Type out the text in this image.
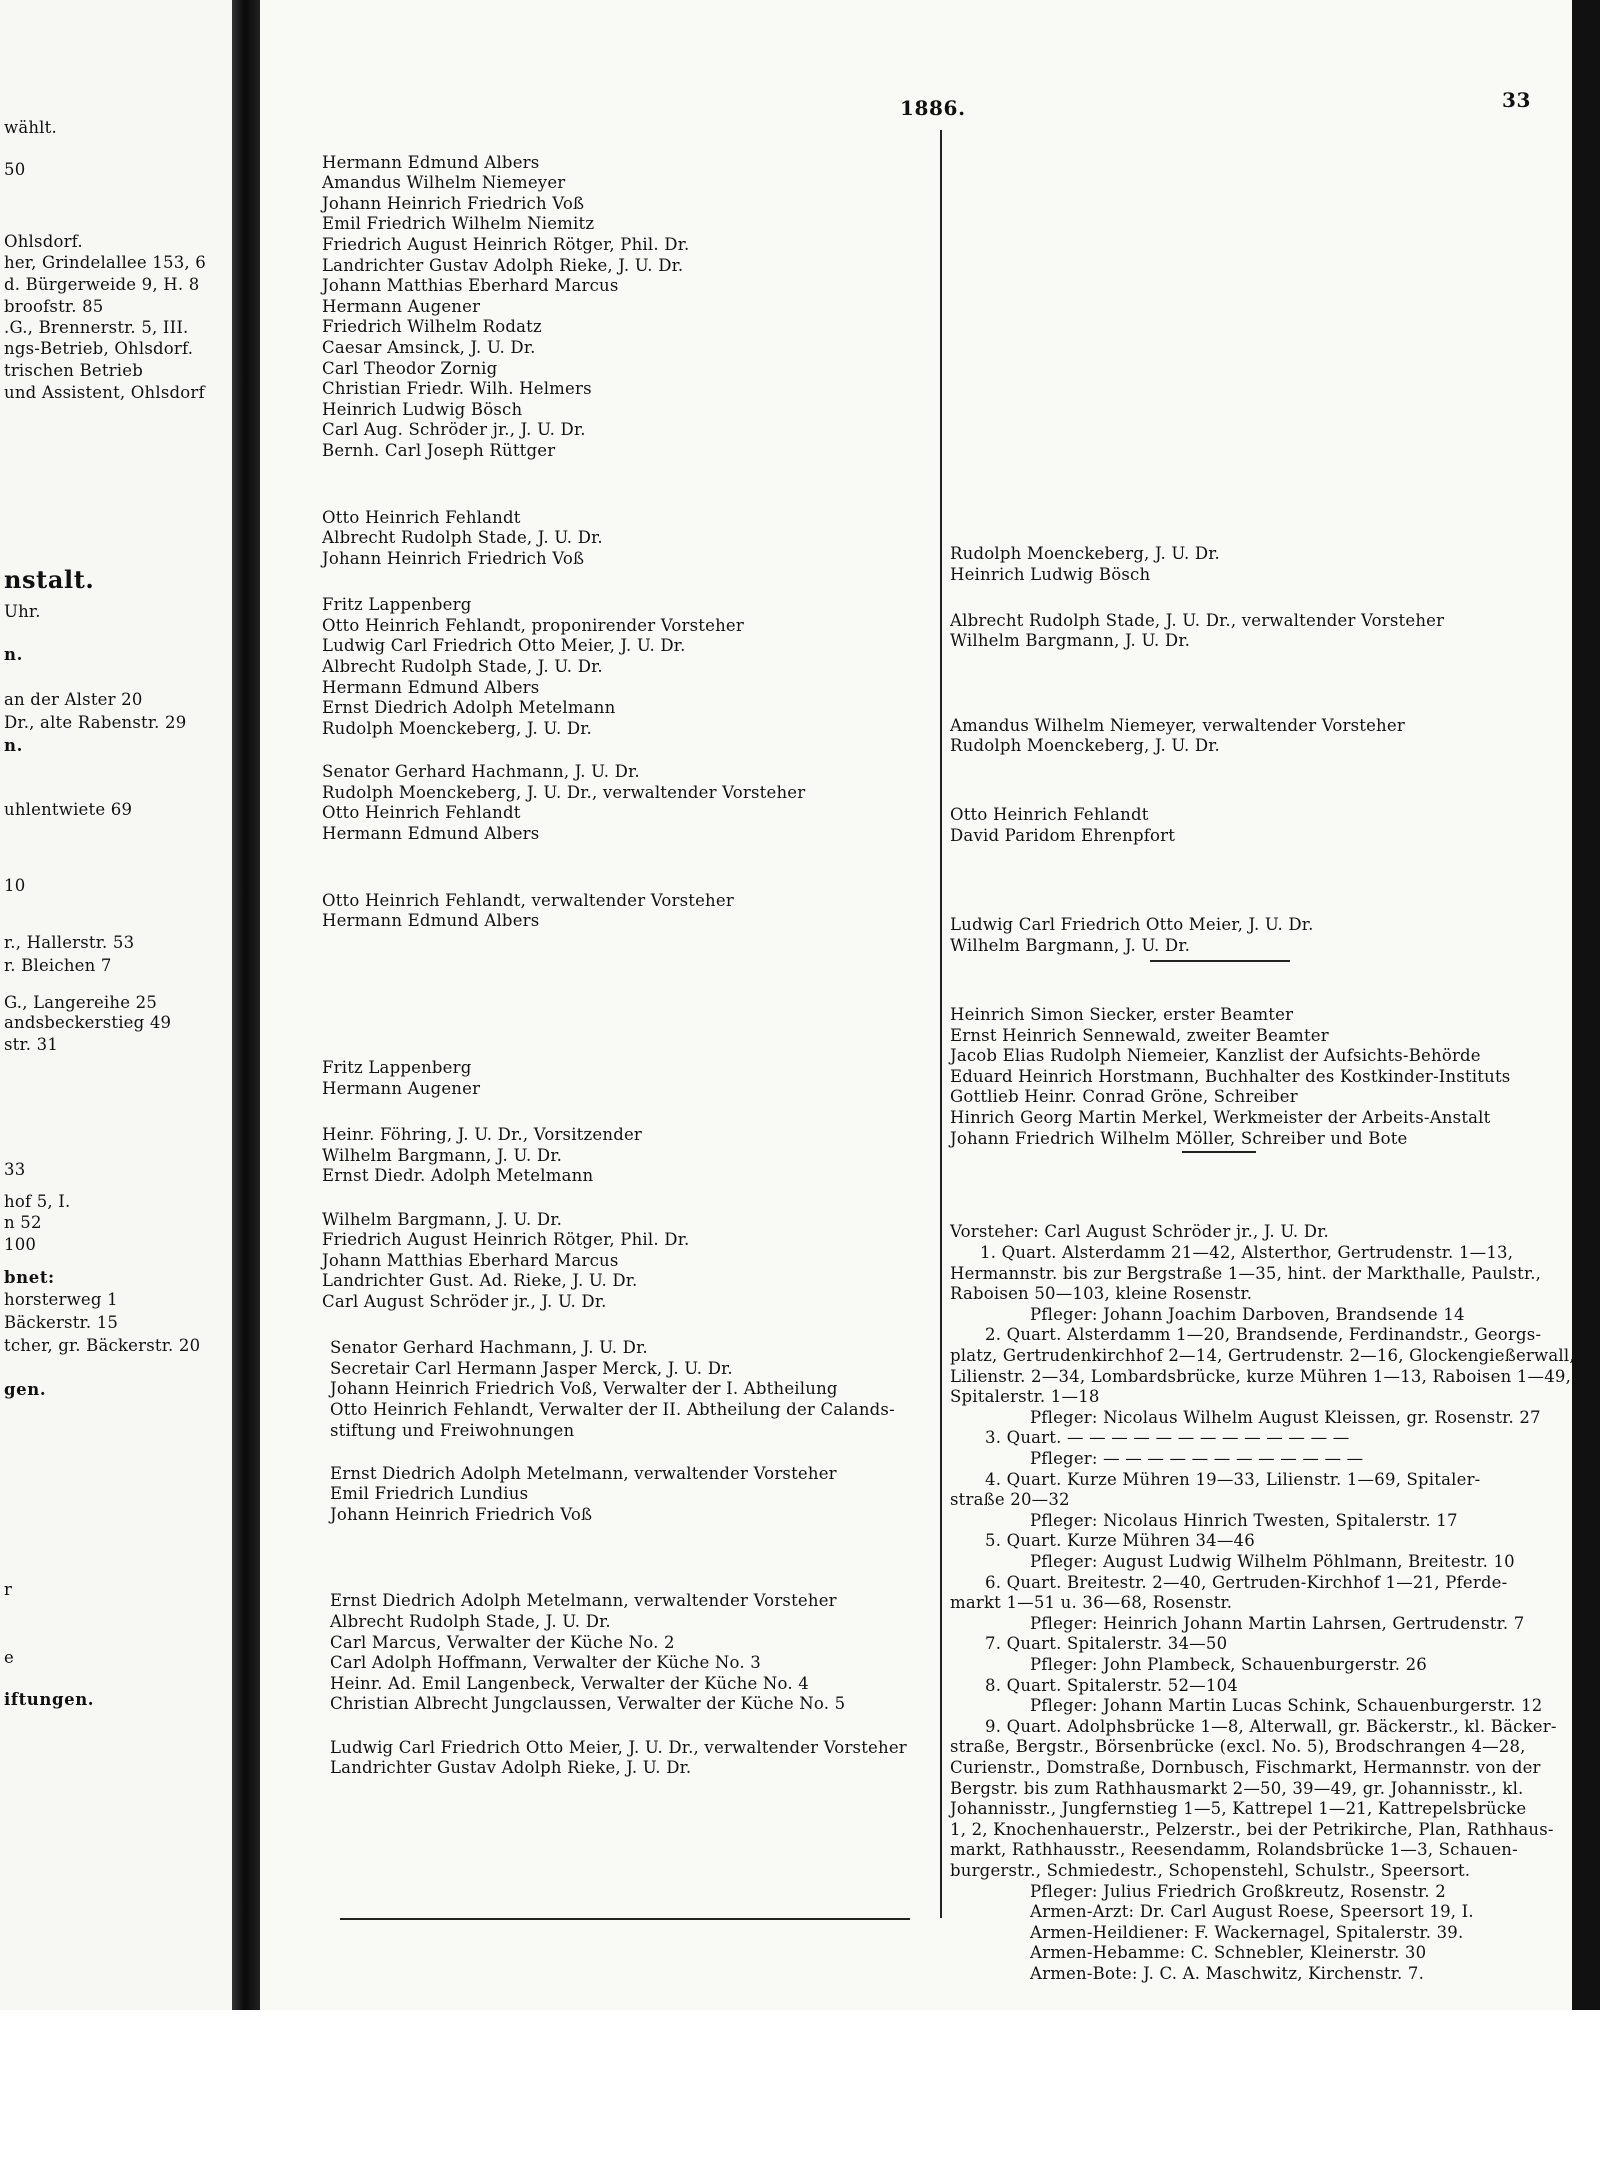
1886.	33
wählt.
50
Ohlsdorf.
her, Grindelallee 153, 6
d. Bürgerweide 9, H. 8
broofstr. 85
.G., Brennerstr. 5, III.
ngs-Betrieb, Ohlsdorf.
trischen Betrieb
und Assistent, Ohlsdorf
nstalt.
Uhr.
n.
an der Alster 20
Dr., alte Rabenstr. 29
n.
uhlentwiete 69
10
r., Hallerstr. 53
r. Bleichen 7
G., Langereihe 25
andsbeckerstieg 49
str. 31
33
hof 5, I.
n 52
100
bnet:
horsterweg 1
Bäckerstr. 15
tcher, gr. Bäckerstr. 20
gen.
r
e
iftungen.
Hermann Edmund Albers
Amandus Wilhelm Niemeyer
Johann Heinrich Friedrich Voß
Emil Friedrich Wilhelm Niemitz
Friedrich August Heinrich Rötger, Phil. Dr.
Landrichter Gustav Adolph Rieke, J. U. Dr.
Johann Matthias Eberhard Marcus
Hermann Augener
Friedrich Wilhelm Rodatz
Caesar Amsinck, J. U. Dr.
Carl Theodor Zornig
Christian Friedr. Wilh. Helmers
Heinrich Ludwig Bösch
Carl Aug. Schröder jr., J. U. Dr.
Bernh. Carl Joseph Rüttger
Otto Heinrich Fehlandt
Albrecht Rudolph Stade, J. U. Dr.
Johann Heinrich Friedrich Voß
Fritz Lappenberg
Otto Heinrich Fehlandt, proponirender Vorsteher
Ludwig Carl Friedrich Otto Meier, J. U. Dr.
Albrecht Rudolph Stade, J. U. Dr.
Hermann Edmund Albers
Ernst Diedrich Adolph Metelmann
Rudolph Moenckeberg, J. U. Dr.
Senator Gerhard Hachmann, J. U. Dr.
Rudolph Moenckeberg, J. U. Dr., verwaltender Vorsteher
Otto Heinrich Fehlandt
Hermann Edmund Albers
Otto Heinrich Fehlandt, verwaltender Vorsteher
Hermann Edmund Albers
Fritz Lappenberg
Hermann Augener
Heinr. Föhring, J. U. Dr., Vorsitzender
Wilhelm Bargmann, J. U. Dr.
Ernst Diedr. Adolph Metelmann
Wilhelm Bargmann, J. U. Dr.
Friedrich August Heinrich Rötger, Phil. Dr.
Johann Matthias Eberhard Marcus
Landrichter Gust. Ad. Rieke, J. U. Dr.
Carl August Schröder jr., J. U. Dr.
Senator Gerhard Hachmann, J. U. Dr.
Secretair Carl Hermann Jasper Merck, J. U. Dr.
Johann Heinrich Friedrich Voß, Verwalter der I. Abtheilung
Otto Heinrich Fehlandt, Verwalter der II. Abtheilung der Calands-
stiftung und Freiwohnungen
Ernst Diedrich Adolph Metelmann, verwaltender Vorsteher
Emil Friedrich Lundius
Johann Heinrich Friedrich Voß
Ernst Diedrich Adolph Metelmann, verwaltender Vorsteher
Albrecht Rudolph Stade, J. U. Dr.
Carl Marcus, Verwalter der Küche No. 2
Carl Adolph Hoffmann, Verwalter der Küche No. 3
Heinr. Ad. Emil Langenbeck, Verwalter der Küche No. 4
Christian Albrecht Jungclaussen, Verwalter der Küche No. 5
Ludwig Carl Friedrich Otto Meier, J. U. Dr., verwaltender Vorsteher
Landrichter Gustav Adolph Rieke, J. U. Dr.
Rudolph Moenckeberg, J. U. Dr.
Heinrich Ludwig Bösch
Albrecht Rudolph Stade, J. U. Dr., verwaltender Vorsteher
Wilhelm Bargmann, J. U. Dr.
Amandus Wilhelm Niemeyer, verwaltender Vorsteher
Rudolph Moenckeberg, J. U. Dr.
Otto Heinrich Fehlandt
David Paridom Ehrenpfort
Ludwig Carl Friedrich Otto Meier, J. U. Dr.
Wilhelm Bargmann, J. U. Dr.
Heinrich Simon Siecker, erster Beamter
Ernst Heinrich Sennewald, zweiter Beamter
Jacob Elias Rudolph Niemeier, Kanzlist der Aufsichts-Behörde
Eduard Heinrich Horstmann, Buchhalter des Kostkinder-Instituts
Gottlieb Heinr. Conrad Gröne, Schreiber
Hinrich Georg Martin Merkel, Werkmeister der Arbeits-Anstalt
Johann Friedrich Wilhelm Möller, Schreiber und Bote
Vorsteher: Carl August Schröder jr., J. U. Dr.
1. Quart. Alsterdamm 21—42, Alsterthor, Gertrudenstr. 1—13,
Hermannstr. bis zur Bergstraße 1—35, hint. der Markthalle, Paulstr.,
Raboisen 50—103, kleine Rosenstr.
Pfleger: Johann Joachim Darboven, Brandsende 14
2. Quart. Alsterdamm 1—20, Brandsende, Ferdinandstr., Georgs-
platz, Gertrudenkirchhof 2—14, Gertrudenstr. 2—16, Glockengießerwall,
Lilienstr. 2—34, Lombardsbrücke, kurze Mühren 1—13, Raboisen 1—49,
Spitalerstr. 1—18
Pfleger: Nicolaus Wilhelm August Kleissen, gr. Rosenstr. 27
3. Quart. — — — — — — — — — — — — —
Pfleger: — — — — — — — — — — — —
4. Quart. Kurze Mühren 19—33, Lilienstr. 1—69, Spitaler-
straße 20—32
Pfleger: Nicolaus Hinrich Twesten, Spitalerstr. 17
5. Quart. Kurze Mühren 34—46
Pfleger: August Ludwig Wilhelm Pöhlmann, Breitestr. 10
6. Quart. Breitestr. 2—40, Gertruden-Kirchhof 1—21, Pferde-
markt 1—51 u. 36—68, Rosenstr.
Pfleger: Heinrich Johann Martin Lahrsen, Gertrudenstr. 7
7. Quart. Spitalerstr. 34—50
Pfleger: John Plambeck, Schauenburgerstr. 26
8. Quart. Spitalerstr. 52—104
Pfleger: Johann Martin Lucas Schink, Schauenburgerstr. 12
9. Quart. Adolphsbrücke 1—8, Alterwall, gr. Bäckerstr., kl. Bäcker-
straße, Bergstr., Börsenbrücke (excl. No. 5), Brodschrangen 4—28,
Curienstr., Domstraße, Dornbusch, Fischmarkt, Hermannstr. von der
Bergstr. bis zum Rathhausmarkt 2—50, 39—49, gr. Johannisstr., kl.
Johannisstr., Jungfernstieg 1—5, Kattrepel 1—21, Kattrepelsbrücke
1, 2, Knochenhauerstr., Pelzerstr., bei der Petrikirche, Plan, Rathhaus-
markt, Rathhausstr., Reesendamm, Rolandsbrücke 1—3, Schauen-
burgerstr., Schmiedestr., Schopenstehl, Schulstr., Speersort.
Pfleger: Julius Friedrich Großkreutz, Rosenstr. 2
Armen-Arzt: Dr. Carl August Roese, Speersort 19, I.
Armen-Heildiener: F. Wackernagel, Spitalerstr. 39.
Armen-Hebamme: C. Schnebler, Kleinerstr. 30
Armen-Bote: J. C. A. Maschwitz, Kirchenstr. 7.
